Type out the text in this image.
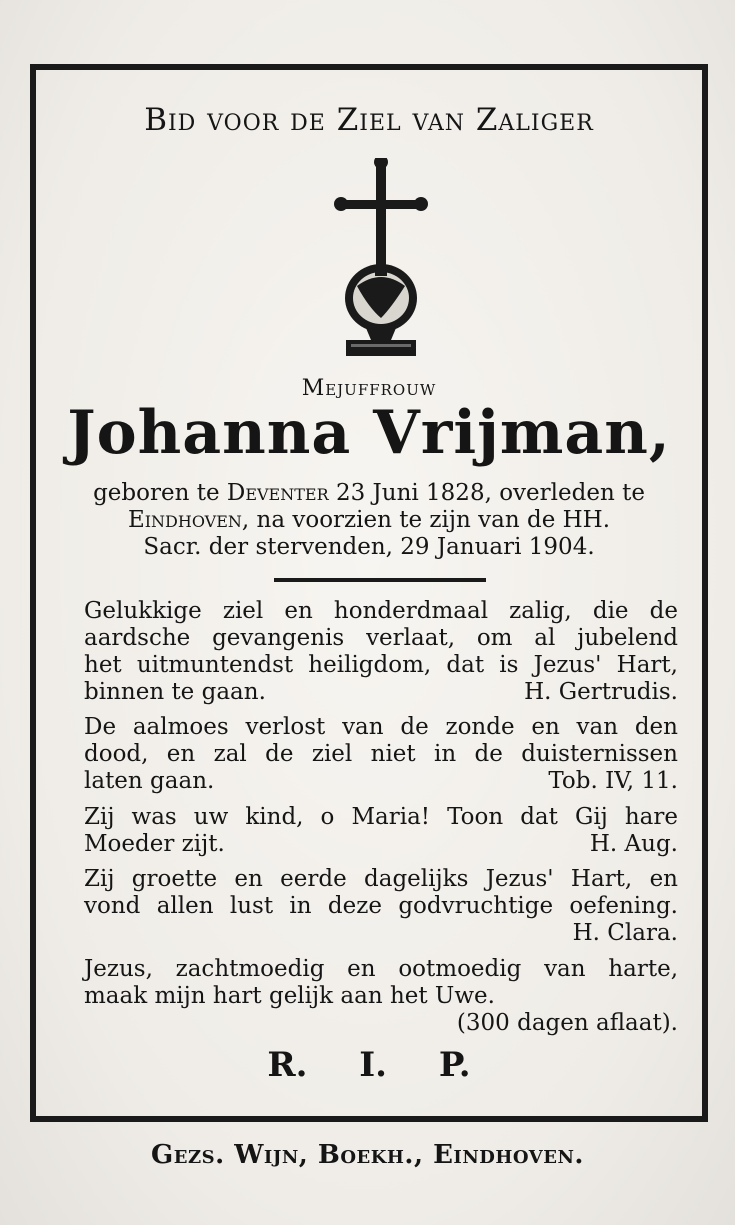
Bid voor de Ziel van Zaliger
Mejuffrouw
Johanna Vrijman,
geboren te Deventer 23 Juni 1828, overleden te
Eindhoven, na voorzien te zijn van de HH.
Sacr. der stervenden, 29 Januari 1904.
Gelukkige ziel en honderdmaal zalig, die de
aardsche gevangenis verlaat, om al jubelend
het uitmuntendst heiligdom, dat is Jezus' Hart,
binnen te gaan.	H. Gertrudis.
De aalmoes verlost van de zonde en van den
dood, en zal de ziel niet in de duisternissen
laten gaan.	Tob. IV, 11.
Zij was uw kind, o Maria! Toon dat Gij hare
Moeder zijt.	H. Aug.
Zij groette en eerde dagelijks Jezus' Hart, en
vond allen lust in deze godvruchtige oefening.
H. Clara.
Jezus, zachtmoedig en ootmoedig van harte,
maak mijn hart gelijk aan het Uwe.
(300 dagen aflaat).
R. I. P.
Gezs. Wijn, Boekh., Eindhoven.
